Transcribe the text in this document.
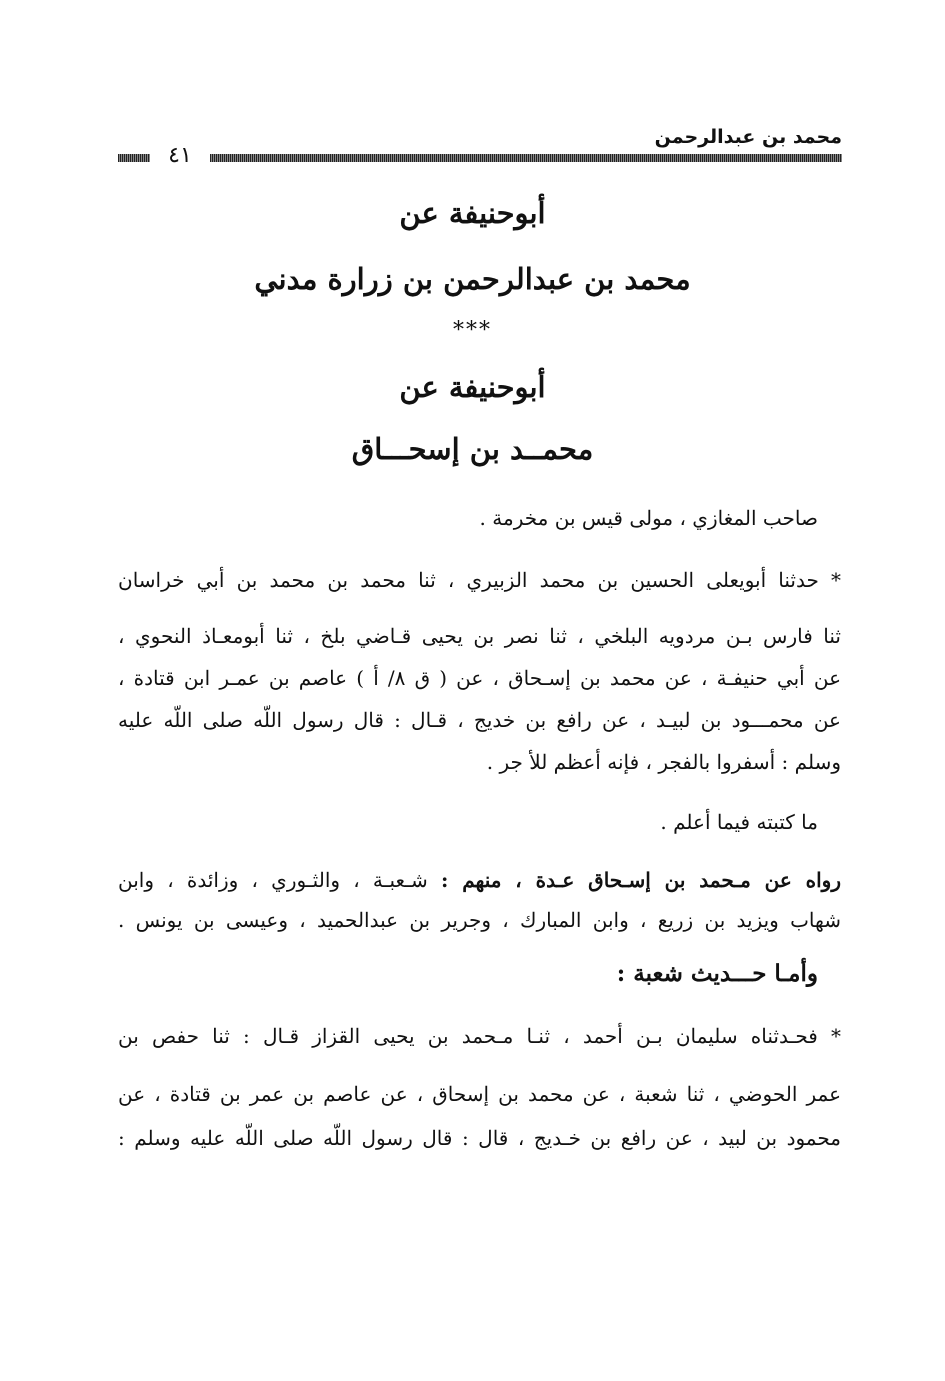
محمد بن عبدالرحمن
٤١
أبوحنيفة عن
محمد بن عبدالرحمن بن زرارة مدني
***
أبوحنيفة عن
محمــد بن إسحـــاق
صاحب المغازي ، مولى قيس بن مخرمة .
* حدثنا أبويعلى الحسين بن محمد الزبيري ، ثنا محمد بن محمد بن أبي خراسان
ثنا فارس بـن مردويه البلخي ، ثنا نصر بن يحيى قـاضي بلخ ، ثنا أبومعـاذ النحوي ،
عن أبي حنيفـة ، عن محمد بن إسـحاق ، عن ( ق ٨/ أ ) عاصم بن عمـر ابن قتادة ،
عن محمـــود بن لبيـد ، عن رافع بن خديج ، قـال : قال رسول اللّه صلى اللّه عليه
وسلم : أسفروا بالفجر ، فإنه أعظم للأ جر .
ما كتبته فيما أعلم .
رواه عن مـحمد بن إسـحاق عـدة ، منهم : شـعبـة ، والثـوري ، وزائدة ، وابن
شهاب ويزيد بن زريع ، وابن المبارك ، وجرير بن عبدالحميد ، وعيسى بن يونس .
وأمـا حـــديث شعبة :
* فحـدثناه سليمان بـن أحمد ، ثنـا مـحمد بن يحيى القزاز قـال : ثنا حفص بن
عمر الحوضي ، ثنا شعبة ، عن محمد بن إسحاق ، عن عاصم بن عمر بن قتادة ، عن
محمود بن لبيد ، عن رافع بن خـديج ، قال : قال رسول اللّه صلى اللّه عليه وسلم :
